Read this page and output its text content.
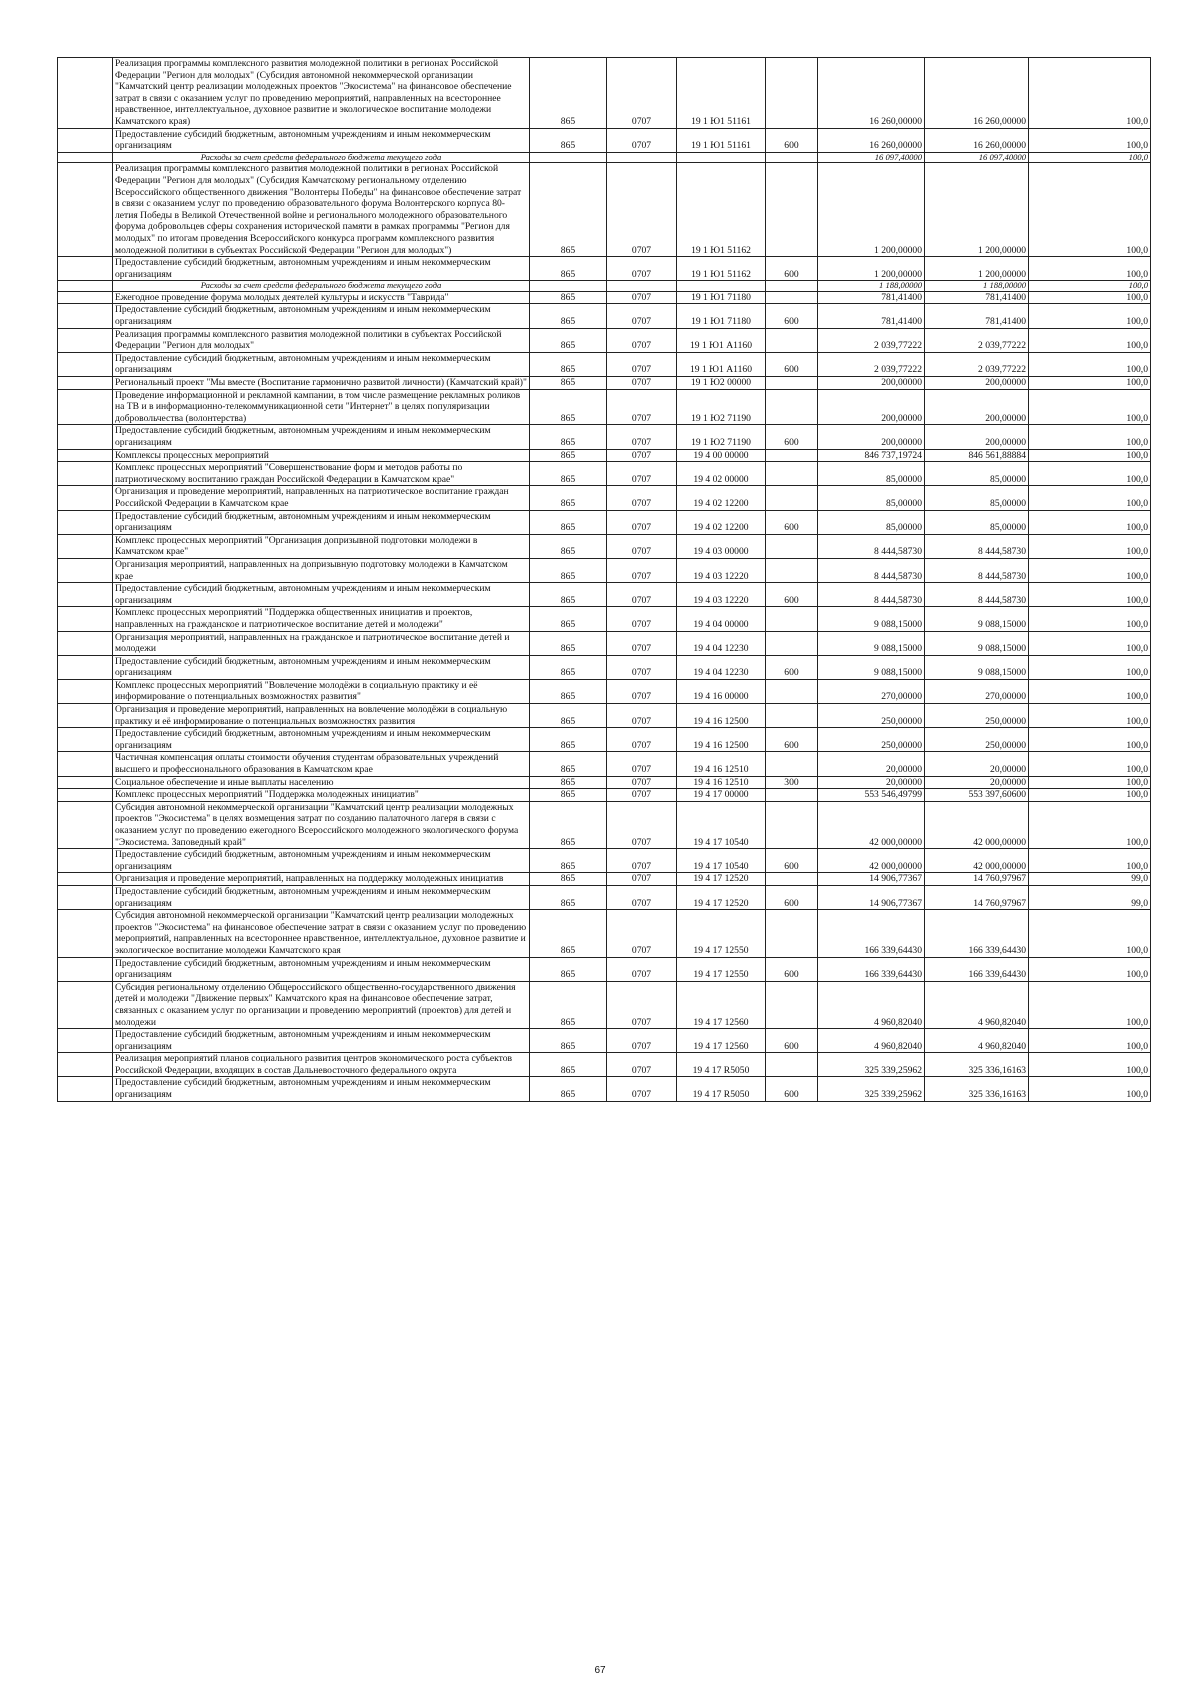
	Реализация программы комплексного развития молодежной политики в регионах Российской Федерации "Регион для молодых" (Субсидия автономной некоммерческой организации "Камчатский центр реализации молодежных проектов "Экосистема" на финансовое обеспечение затрат в связи с оказанием услуг по проведению мероприятий, направленных на всестороннее нравственное, интеллектуальное, духовное развитие и экологическое воспитание молодежи Камчатского края)	865	0707	19 1 Ю1 51161		16 260,00000	16 260,00000	100,0
	Предоставление субсидий бюджетным, автономным учреждениям и иным некоммерческим организациям	865	0707	19 1 Ю1 51161	600	16 260,00000	16 260,00000	100,0
	Расходы за счет средств федерального бюджета текущего года					16 097,40000	16 097,40000	100,0
	Реализация программы комплексного развития молодежной политики в регионах Российской Федерации "Регион для молодых" (Субсидия Камчатскому региональному отделению Всероссийского общественного движения "Волонтеры Победы" на финансовое обеспечение затрат в связи с оказанием услуг по проведению образовательного форума Волонтерского корпуса 80-летия Победы в Великой Отечественной войне и регионального молодежного образовательного форума добровольцев сферы сохранения исторической памяти в рамках программы "Регион для молодых" по итогам проведения Всероссийского конкурса программ комплексного развития молодежной политики в субъектах Российской Федерации "Регион для молодых")	865	0707	19 1 Ю1 51162		1 200,00000	1 200,00000	100,0
	Предоставление субсидий бюджетным, автономным учреждениям и иным некоммерческим организациям	865	0707	19 1 Ю1 51162	600	1 200,00000	1 200,00000	100,0
	Расходы за счет средств федерального бюджета текущего года					1 188,00000	1 188,00000	100,0
	Ежегодное проведение форума молодых деятелей культуры и искусств "Таврида"	865	0707	19 1 Ю1 71180		781,41400	781,41400	100,0
	Предоставление субсидий бюджетным, автономным учреждениям и иным некоммерческим организациям	865	0707	19 1 Ю1 71180	600	781,41400	781,41400	100,0
	Реализация программы комплексного развития молодежной политики в субъектах Российской Федерации "Регион для молодых"	865	0707	19 1 Ю1 A1160		2 039,77222	2 039,77222	100,0
	Предоставление субсидий бюджетным, автономным учреждениям и иным некоммерческим организациям	865	0707	19 1 Ю1 A1160	600	2 039,77222	2 039,77222	100,0
	Региональный проект "Мы вместе (Воспитание гармонично развитой личности) (Камчатский край)"	865	0707	19 1 Ю2 00000		200,00000	200,00000	100,0
	Проведение информационной и рекламной кампании, в том числе размещение рекламных роликов на ТВ и в информационно-телекоммуникационной сети "Интернет" в целях популяризации добровольчества (волонтерства)	865	0707	19 1 Ю2 71190		200,00000	200,00000	100,0
	Предоставление субсидий бюджетным, автономным учреждениям и иным некоммерческим организациям	865	0707	19 1 Ю2 71190	600	200,00000	200,00000	100,0
	Комплексы процессных мероприятий	865	0707	19 4 00 00000		846 737,19724	846 561,88884	100,0
	Комплекс процессных мероприятий "Совершенствование форм и методов работы по патриотическому воспитанию граждан Российской Федерации в Камчатском крае"	865	0707	19 4 02 00000		85,00000	85,00000	100,0
	Организация и проведение мероприятий, направленных на патриотическое воспитание граждан Российской Федерации в Камчатском крае	865	0707	19 4 02 12200		85,00000	85,00000	100,0
	Предоставление субсидий бюджетным, автономным учреждениям и иным некоммерческим организациям	865	0707	19 4 02 12200	600	85,00000	85,00000	100,0
	Комплекс процессных мероприятий "Организация допризывной подготовки молодежи в Камчатском крае"	865	0707	19 4 03 00000		8 444,58730	8 444,58730	100,0
	Организация мероприятий, направленных на допризывную подготовку молодежи в Камчатском крае	865	0707	19 4 03 12220		8 444,58730	8 444,58730	100,0
	Предоставление субсидий бюджетным, автономным учреждениям и иным некоммерческим организациям	865	0707	19 4 03 12220	600	8 444,58730	8 444,58730	100,0
	Комплекс процессных мероприятий "Поддержка общественных инициатив и проектов, направленных на гражданское и патриотическое воспитание детей и молодежи"	865	0707	19 4 04 00000		9 088,15000	9 088,15000	100,0
	Организация мероприятий, направленных на гражданское и патриотическое воспитание детей и молодежи	865	0707	19 4 04 12230		9 088,15000	9 088,15000	100,0
	Предоставление субсидий бюджетным, автономным учреждениям и иным некоммерческим организациям	865	0707	19 4 04 12230	600	9 088,15000	9 088,15000	100,0
	Комплекс процессных мероприятий "Вовлечение молодёжи в социальную практику и её информирование о потенциальных возможностях развития"	865	0707	19 4 16 00000		270,00000	270,00000	100,0
	Организация и проведение мероприятий, направленных на вовлечение молодёжи в социальную практику и её информирование о потенциальных возможностях развития	865	0707	19 4 16 12500		250,00000	250,00000	100,0
	Предоставление субсидий бюджетным, автономным учреждениям и иным некоммерческим организациям	865	0707	19 4 16 12500	600	250,00000	250,00000	100,0
	Частичная компенсация оплаты стоимости обучения студентам образовательных учреждений высшего и профессионального образования в Камчатском крае	865	0707	19 4 16 12510		20,00000	20,00000	100,0
	Социальное обеспечение и иные выплаты населению	865	0707	19 4 16 12510	300	20,00000	20,00000	100,0
	Комплекс процессных мероприятий "Поддержка молодежных инициатив"	865	0707	19 4 17 00000		553 546,49799	553 397,60600	100,0
	Субсидия автономной некоммерческой организации "Камчатский центр реализации молодежных проектов "Экосистема" в целях возмещения затрат по созданию палаточного лагеря в связи с оказанием услуг по проведению ежегодного Всероссийского молодежного экологического форума "Экосистема. Заповедный край"	865	0707	19 4 17 10540		42 000,00000	42 000,00000	100,0
	Предоставление субсидий бюджетным, автономным учреждениям и иным некоммерческим организациям	865	0707	19 4 17 10540	600	42 000,00000	42 000,00000	100,0
	Организация и проведение мероприятий, направленных на поддержку молодежных инициатив	865	0707	19 4 17 12520		14 906,77367	14 760,97967	99,0
	Предоставление субсидий бюджетным, автономным учреждениям и иным некоммерческим организациям	865	0707	19 4 17 12520	600	14 906,77367	14 760,97967	99,0
	Субсидия автономной некоммерческой организации "Камчатский центр реализации молодежных проектов "Экосистема" на финансовое обеспечение затрат в связи с оказанием услуг по проведению мероприятий, направленных на всестороннее нравственное, интеллектуальное, духовное развитие и экологическое воспитание молодежи Камчатского края	865	0707	19 4 17 12550		166 339,64430	166 339,64430	100,0
	Предоставление субсидий бюджетным, автономным учреждениям и иным некоммерческим организациям	865	0707	19 4 17 12550	600	166 339,64430	166 339,64430	100,0
	Субсидия региональному отделению Общероссийского общественно-государственного движения детей и молодежи "Движение первых" Камчатского края на финансовое обеспечение затрат, связанных с оказанием услуг по организации и проведению мероприятий (проектов) для детей и молодежи	865	0707	19 4 17 12560		4 960,82040	4 960,82040	100,0
	Предоставление субсидий бюджетным, автономным учреждениям и иным некоммерческим организациям	865	0707	19 4 17 12560	600	4 960,82040	4 960,82040	100,0
	Реализация мероприятий планов социального развития центров экономического роста субъектов Российской Федерации, входящих в состав Дальневосточного федерального округа	865	0707	19 4 17 R5050		325 339,25962	325 336,16163	100,0
	Предоставление субсидий бюджетным, автономным учреждениям и иным некоммерческим организациям	865	0707	19 4 17 R5050	600	325 339,25962	325 336,16163	100,0
67
